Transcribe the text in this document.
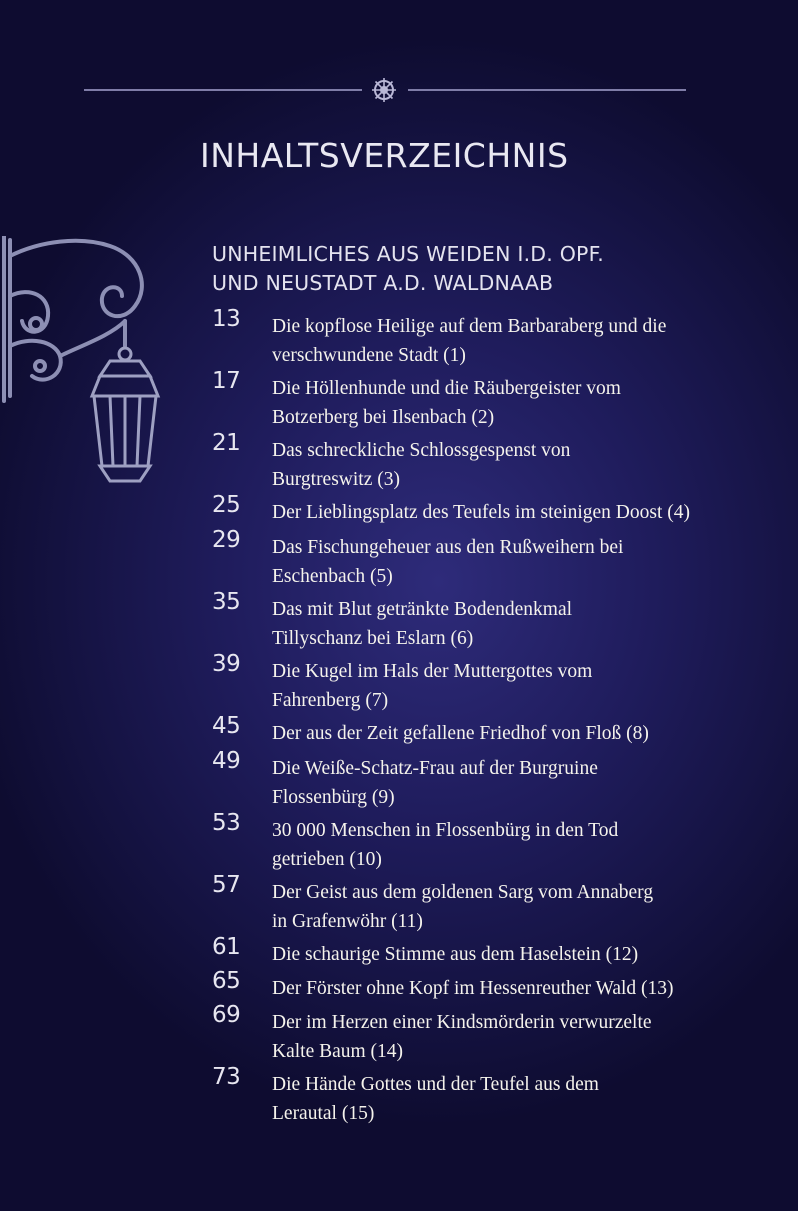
INHALTSVERZEICHNIS
UNHEIMLICHES AUS WEIDEN I.D. OPF.
UND NEUSTADT A.D. WALDNAAB
13 Die kopflose Heilige auf dem Barbaraberg und die
verschwundene Stadt (1)
17 Die Höllenhunde und die Räubergeister vom
Botzerberg bei Ilsenbach (2)
21 Das schreckliche Schlossgespenst von
Burgtreswitz (3)
25 Der Lieblingsplatz des Teufels im steinigen Doost (4)
29 Das Fischungeheuer aus den Rußweihern bei
Eschenbach (5)
35 Das mit Blut getränkte Bodendenkmal
Tillyschanz bei Eslarn (6)
39 Die Kugel im Hals der Muttergottes vom
Fahrenberg (7)
45 Der aus der Zeit gefallene Friedhof von Floß (8)
49 Die Weiße-Schatz-Frau auf der Burgruine
Flossenbürg (9)
53 30 000 Menschen in Flossenbürg in den Tod
getrieben (10)
57 Der Geist aus dem goldenen Sarg vom Annaberg
in Grafenwöhr (11)
61 Die schaurige Stimme aus dem Haselstein (12)
65 Der Förster ohne Kopf im Hessenreuther Wald (13)
69 Der im Herzen einer Kindsmörderin verwurzelte
Kalte Baum (14)
73 Die Hände Gottes und der Teufel aus dem
Lerautal (15)
